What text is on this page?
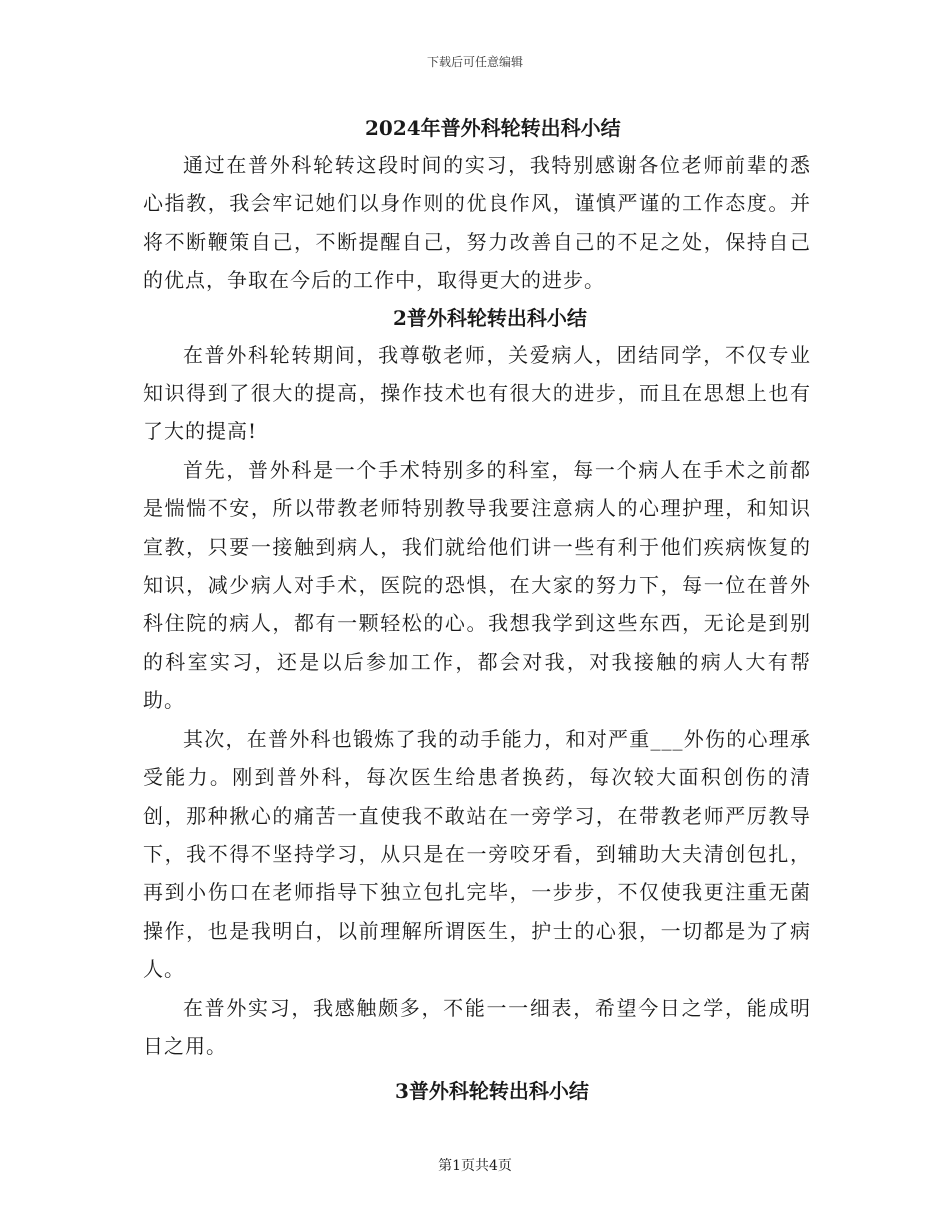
下载后可任意编辑
2024年普外科轮转出科小结

通过在普外科轮转这段时间的实习，我特别感谢各位老师前辈的悉心指教，我会牢记她们以身作则的优良作风，谨慎严谨的工作态度。并将不断鞭策自己，不断提醒自己，努力改善自己的不足之处，保持自己的优点，争取在今后的工作中，取得更大的进步。

2普外科轮转出科小结

在普外科轮转期间，我尊敬老师，关爱病人，团结同学，不仅专业知识得到了很大的提高，操作技术也有很大的进步，而且在思想上也有了大的提高!

首先，普外科是一个手术特别多的科室，每一个病人在手术之前都是惴惴不安，所以带教老师特别教导我要注意病人的心理护理，和知识宣教，只要一接触到病人，我们就给他们讲一些有利于他们疾病恢复的知识，减少病人对手术，医院的恐惧，在大家的努力下，每一位在普外科住院的病人，都有一颗轻松的心。我想我学到这些东西，无论是到别的科室实习，还是以后参加工作，都会对我，对我接触的病人大有帮助。

其次，在普外科也锻炼了我的动手能力，和对严重___外伤的心理承受能力。刚到普外科，每次医生给患者换药，每次较大面积创伤的清创，那种揪心的痛苦一直使我不敢站在一旁学习，在带教老师严厉教导下，我不得不坚持学习，从只是在一旁咬牙看，到辅助大夫清创包扎，再到小伤口在老师指导下独立包扎完毕，一步步，不仅使我更注重无菌操作，也是我明白，以前理解所谓医生，护士的心狠，一切都是为了病人。

在普外实习，我感触颇多，不能一一细表，希望今日之学，能成明日之用。

3普外科轮转出科小结
第1页共4页
